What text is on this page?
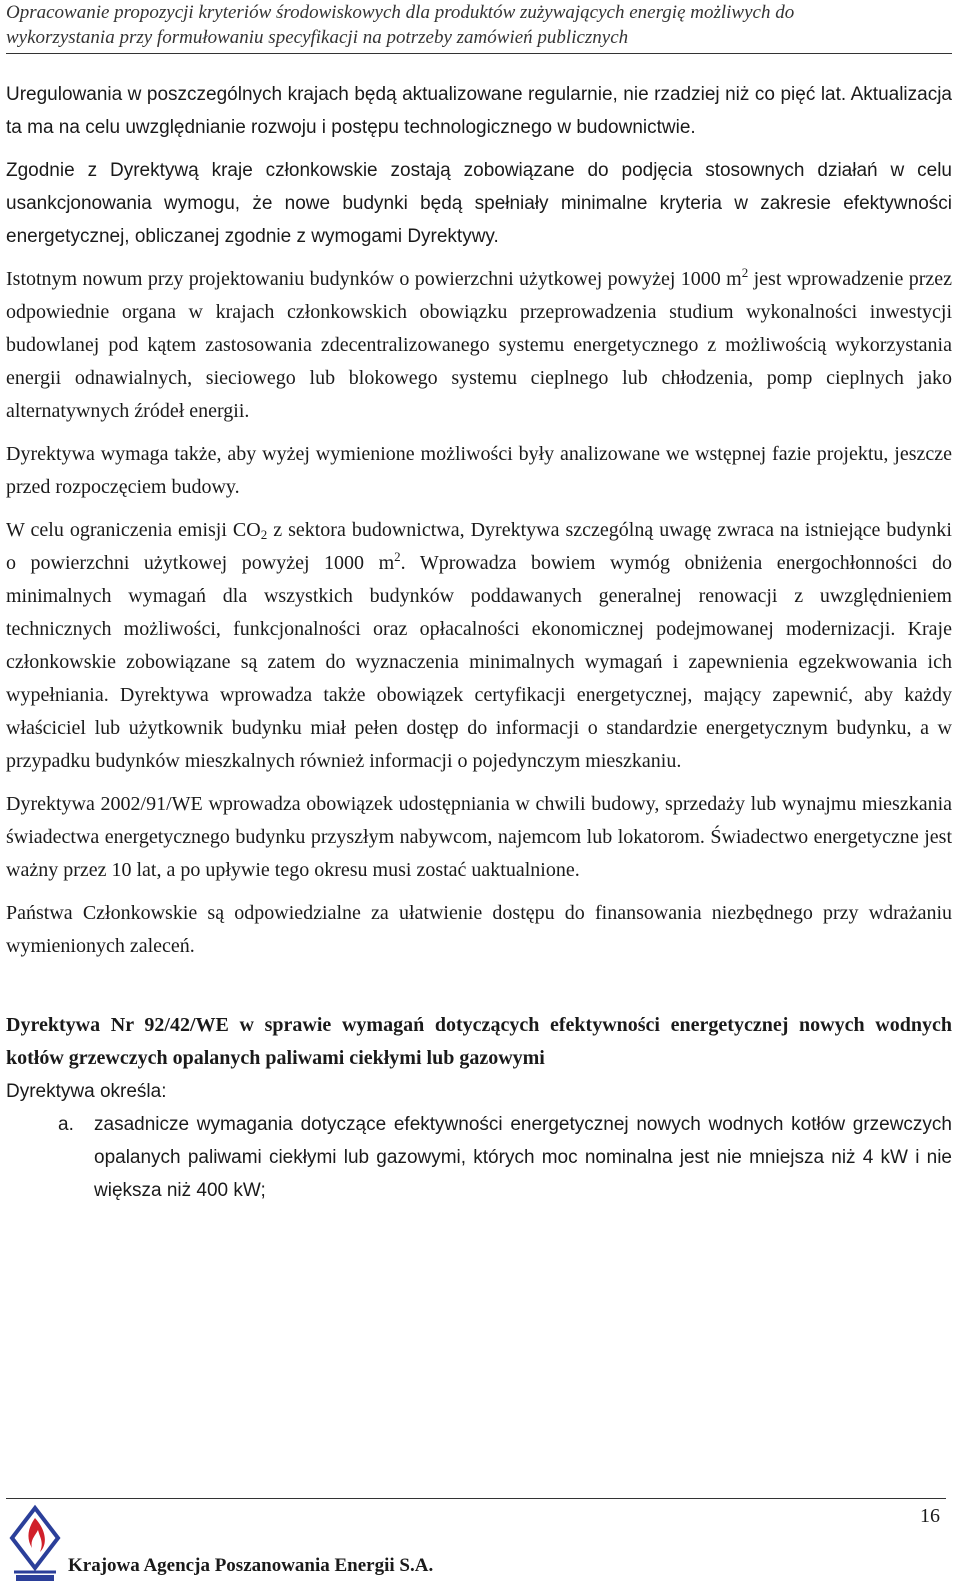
Opracowanie propozycji kryteriów środowiskowych dla produktów zużywających energię możliwych do
wykorzystania przy formułowaniu specyfikacji na potrzeby zamówień publicznych

Uregulowania w poszczególnych krajach będą aktualizowane regularnie, nie rzadziej niż co pięć lat. Aktualizacja ta ma na celu uwzględnianie rozwoju i postępu technologicznego w budownictwie.

Zgodnie z Dyrektywą kraje członkowskie zostają zobowiązane do podjęcia stosownych działań w celu usankcjonowania wymogu, że nowe budynki będą spełniały minimalne kryteria w zakresie efektywności energetycznej, obliczanej zgodnie z wymogami Dyrektywy.

Istotnym nowum przy projektowaniu budynków o powierzchni użytkowej powyżej 1000 $m^2$ jest wprowadzenie przez odpowiednie organa w krajach członkowskich obowiązku przeprowadzenia studium wykonalności inwestycji budowlanej pod kątem zastosowania zdecentralizowanego systemu energetycznego z możliwością wykorzystania energii odnawialnych, sieciowego lub blokowego systemu cieplnego lub chłodzenia, pomp cieplnych jako alternatywnych źródeł energii.

Dyrektywa wymaga także, aby wyżej wymienione możliwości były analizowane we wstępnej fazie projektu, jeszcze przed rozpoczęciem budowy.

W celu ograniczenia emisji $CO_2$ z sektora budownictwa, Dyrektywa szczególną uwagę zwraca na istniejące budynki o powierzchni użytkowej powyżej 1000 $m^2$. Wprowadza bowiem wymóg obniżenia energochłonności do minimalnych wymagań dla wszystkich budynków poddawanych generalnej renowacji z uwzględnieniem technicznych możliwości, funkcjonalności oraz opłacalności ekonomicznej podejmowanej modernizacji. Kraje członkowskie zobowiązane są zatem do wyznaczenia minimalnych wymagań i zapewnienia egzekwowania ich wypełniania. Dyrektywa wprowadza także obowiązek certyfikacji energetycznej, mający zapewnić, aby każdy właściciel lub użytkownik budynku miał pełen dostęp do informacji o standardzie energetycznym budynku, a w przypadku budynków mieszkalnych również informacji o pojedynczym mieszkaniu.

Dyrektywa 2002/91/WE wprowadza obowiązek udostępniania w chwili budowy, sprzedaży lub wynajmu mieszkania świadectwa energetycznego budynku przyszłym nabywcom, najemcom lub lokatorom. Świadectwo energetyczne jest ważny przez 10 lat, a po upływie tego okresu musi zostać uaktualnione.

Państwa Członkowskie są odpowiedzialne za ułatwienie dostępu do finansowania niezbędnego przy wdrażaniu wymienionych zaleceń.

Dyrektywa Nr 92/42/WE w sprawie wymagań dotyczących efektywności energetycznej nowych wodnych kotłów grzewczych opalanych paliwami ciekłymi lub gazowymi

Dyrektywa określa:

a.	zasadnicze wymagania dotyczące efektywności energetycznej nowych wodnych kotłów grzewczych opalanych paliwami ciekłymi lub gazowymi, których moc nominalna jest nie mniejsza niż 4 kW i nie większa niż 400 kW;
16
Krajowa Agencja Poszanowania Energii S.A.
